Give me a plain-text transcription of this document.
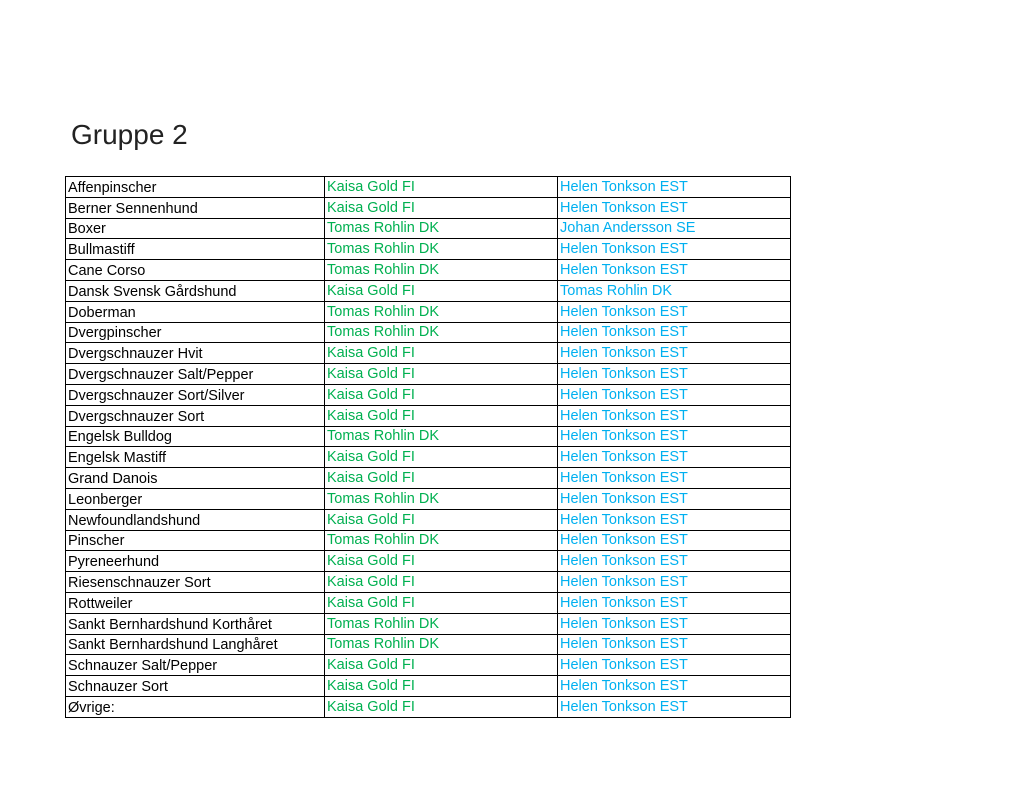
Gruppe 2
Affenpinscher	Kaisa Gold FI	Helen Tonkson EST
Berner Sennenhund	Kaisa Gold FI	Helen Tonkson EST
Boxer	Tomas Rohlin DK	Johan Andersson SE
Bullmastiff	Tomas Rohlin DK	Helen Tonkson EST
Cane Corso	Tomas Rohlin DK	Helen Tonkson EST
Dansk Svensk Gårdshund	Kaisa Gold FI	Tomas Rohlin DK
Doberman	Tomas Rohlin DK	Helen Tonkson EST
Dvergpinscher	Tomas Rohlin DK	Helen Tonkson EST
Dvergschnauzer Hvit	Kaisa Gold FI	Helen Tonkson EST
Dvergschnauzer Salt/Pepper	Kaisa Gold FI	Helen Tonkson EST
Dvergschnauzer Sort/Silver	Kaisa Gold FI	Helen Tonkson EST
Dvergschnauzer Sort	Kaisa Gold FI	Helen Tonkson EST
Engelsk Bulldog	Tomas Rohlin DK	Helen Tonkson EST
Engelsk Mastiff	Kaisa Gold FI	Helen Tonkson EST
Grand Danois	Kaisa Gold FI	Helen Tonkson EST
Leonberger	Tomas Rohlin DK	Helen Tonkson EST
Newfoundlandshund	Kaisa Gold FI	Helen Tonkson EST
Pinscher	Tomas Rohlin DK	Helen Tonkson EST
Pyreneerhund	Kaisa Gold FI	Helen Tonkson EST
Riesenschnauzer Sort	Kaisa Gold FI	Helen Tonkson EST
Rottweiler	Kaisa Gold FI	Helen Tonkson EST
Sankt Bernhardshund Korthåret	Tomas Rohlin DK	Helen Tonkson EST
Sankt Bernhardshund Langhåret	Tomas Rohlin DK	Helen Tonkson EST
Schnauzer Salt/Pepper	Kaisa Gold FI	Helen Tonkson EST
Schnauzer Sort	Kaisa Gold FI	Helen Tonkson EST
Øvrige:	Kaisa Gold FI	Helen Tonkson EST
